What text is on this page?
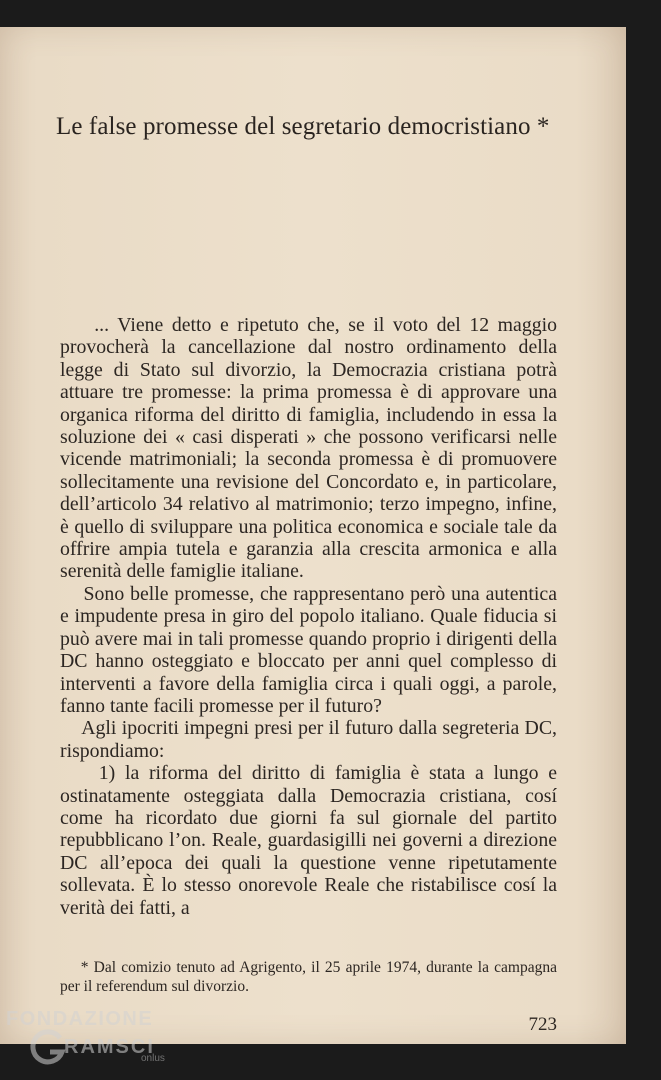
Le false promesse del segretario democristiano *

... Viene detto e ripetuto che, se il voto del 12 maggio provocherà la cancellazione dal nostro ordinamento della legge di Stato sul divorzio, la Democrazia cristiana potrà attuare tre promesse: la prima promessa è di approvare una organica riforma del diritto di famiglia, includendo in essa la soluzione dei « casi disperati » che possono verificarsi nelle vicende matrimoniali; la seconda promessa è di promuovere sollecitamente una revisione del Concordato e, in particolare, dell’articolo 34 relativo al matrimonio; terzo impegno, infine, è quello di sviluppare una politica economica e sociale tale da offrire ampia tutela e garanzia alla crescita armonica e alla serenità delle famiglie italiane.

Sono belle promesse, che rappresentano però una autentica e impudente presa in giro del popolo italiano. Quale fiducia si può avere mai in tali promesse quando proprio i dirigenti della DC hanno osteggiato e bloccato per anni quel complesso di interventi a favore della famiglia circa i quali oggi, a parole, fanno tante facili promesse per il futuro?

Agli ipocriti impegni presi per il futuro dalla segreteria DC, rispondiamo:

1) la riforma del diritto di famiglia è stata a lungo e ostinatamente osteggiata dalla Democrazia cristiana, cosí come ha ricordato due giorni fa sul giornale del partito repubblicano l’on. Reale, guardasigilli nei governi a direzione DC all’epoca dei quali la questione venne ripetutamente sollevata. È lo stesso onorevole Reale che ristabilisce cosí la verità dei fatti, a

* Dal comizio tenuto ad Agrigento, il 25 aprile 1974, durante la campagna per il referendum sul divorzio.
723
FONDAZIONE
RAMSCI
onlus
